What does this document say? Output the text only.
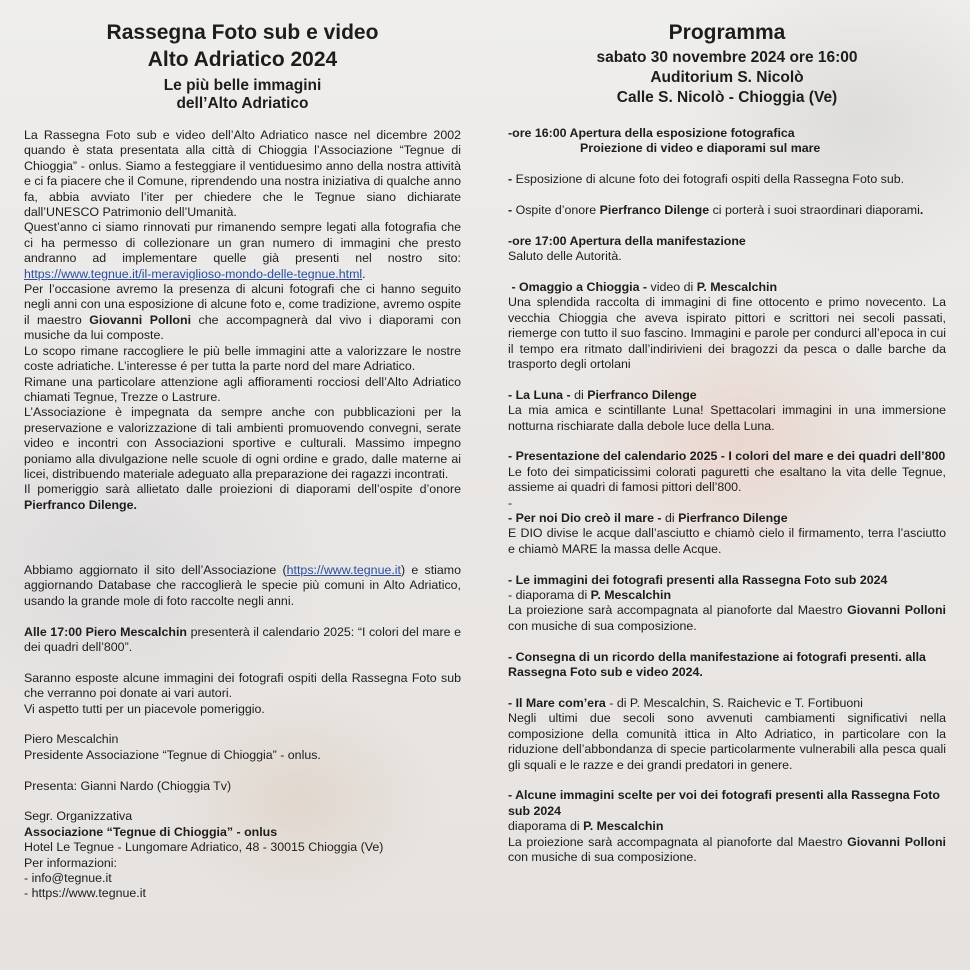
Rassegna Foto sub e video
Alto Adriatico 2024
Le più belle immagini
dell’Alto Adriatico

La Rassegna Foto sub e video dell’Alto Adriatico nasce nel dicembre 2002 quando è stata presentata alla città di Chioggia l’Associazione “Tegnue di Chioggia” - onlus. Siamo a festeggiare il ventiduesimo anno della nostra attività e ci fa piacere che il Comune, riprendendo una nostra iniziativa di qualche anno fa, abbia avviato l’iter per chiedere che le Tegnue siano dichiarate dall’UNESCO Patrimonio dell’Umanità.

Quest’anno ci siamo rinnovati pur rimanendo sempre legati alla fotografia che ci ha permesso di collezionare un gran numero di immagini che presto andranno ad implementare quelle già presenti nel nostro sito: https://www.tegnue.it/il-meraviglioso-mondo-delle-tegnue.html.

Per l’occasione avremo la presenza di alcuni fotografi che ci hanno seguito negli anni con una esposizione di alcune foto e, come tradizione, avremo ospite il maestro Giovanni Polloni che accompagnerà dal vivo i diaporami con musiche da lui composte.

Lo scopo rimane raccogliere le più belle immagini atte a valorizzare le nostre coste adriatiche. L’interesse é per tutta la parte nord del mare Adriatico.

Rimane una particolare attenzione agli affioramenti rocciosi dell’Alto Adriatico chiamati Tegnue, Trezze o Lastrure.

L’Associazione è impegnata da sempre anche con pubblicazioni per la preservazione e valorizzazione di tali ambienti promuovendo convegni, serate video e incontri con Associazioni sportive e culturali. Massimo impegno poniamo alla divulgazione nelle scuole di ogni ordine e grado, dalle materne ai licei, distribuendo materiale adeguato alla preparazione dei ragazzi incontrati.

Il pomeriggio sarà allietato dalle proiezioni di diaporami dell’ospite d’onore Pierfranco Dilenge.

Abbiamo aggiornato il sito dell’Associazione (https://www.tegnue.it) e stiamo aggiornando Database che raccoglierà le specie più comuni in Alto Adriatico, usando la grande mole di foto raccolte negli anni.

Alle 17:00 Piero Mescalchin presenterà il calendario 2025: “I colori del mare e dei quadri dell’800”.

Saranno esposte alcune immagini dei fotografi ospiti della Rassegna Foto sub che verranno poi donate ai vari autori.

Vi aspetto tutti per un piacevole pomeriggio.

Piero Mescalchin

Presidente Associazione “Tegnue di Chioggia” - onlus.

Presenta: Gianni Nardo (Chioggia Tv)

Segr. Organizzativa

Associazione “Tegnue di Chioggia” - onlus

Hotel Le Tegnue - Lungomare Adriatico, 48 - 30015 Chioggia (Ve)

Per informazioni:

- info@tegnue.it

- https://www.tegnue.it

Programma
sabato 30 novembre 2024 ore 16:00
Auditorium S. Nicolò
Calle S. Nicolò - Chioggia (Ve)

-ore 16:00 Apertura della esposizione fotografica

Proiezione di video e diaporami sul mare

- Esposizione di alcune foto dei fotografi ospiti della Rassegna Foto sub.

- Ospite d’onore Pierfranco Dilenge ci porterà i suoi straordinari diaporami.

-ore 17:00 Apertura della manifestazione

Saluto delle Autorità.

- Omaggio a Chioggia - video di P. Mescalchin

Una splendida raccolta di immagini di fine ottocento e primo novecento. La vecchia Chioggia che aveva ispirato pittori e scrittori nei secoli passati, riemerge con tutto il suo fascino. Immagini e parole per condurci all’epoca in cui il tempo era ritmato dall’indirivieni dei bragozzi da pesca o dalle barche da trasporto degli ortolani

- La Luna - di Pierfranco Dilenge

La mia amica e scintillante Luna! Spettacolari immagini in una immersione notturna rischiarate dalla debole luce della Luna.

- Presentazione del calendario 2025 - I colori del mare e dei quadri dell’800

Le foto dei simpaticissimi colorati paguretti che esaltano la vita delle Tegnue, assieme ai quadri di famosi pittori dell’800.

-

- Per noi Dio creò il mare - di Pierfranco Dilenge

E DIO divise le acque dall’asciutto e chiamò cielo il firmamento, terra l’asciutto e chiamò MARE la massa delle Acque.

- Le immagini dei fotografi presenti alla Rassegna Foto sub 2024

- diaporama di P. Mescalchin

La proiezione sarà accompagnata al pianoforte dal Maestro Giovanni Polloni con musiche di sua composizione.

- Consegna di un ricordo della manifestazione ai fotografi presenti. alla Rassegna Foto sub e video 2024.

- Il Mare com’era - di P. Mescalchin, S. Raichevic e T. Fortibuoni

Negli ultimi due secoli sono avvenuti cambiamenti significativi nella composizione della comunità ittica in Alto Adriatico, in particolare con la riduzione dell’abbondanza di specie particolarmente vulnerabili alla pesca quali gli squali e le razze e dei grandi predatori in genere.

- Alcune immagini scelte per voi dei fotografi presenti alla Rassegna Foto sub 2024

diaporama di P. Mescalchin

La proiezione sarà accompagnata al pianoforte dal Maestro Giovanni Polloni con musiche di sua composizione.
